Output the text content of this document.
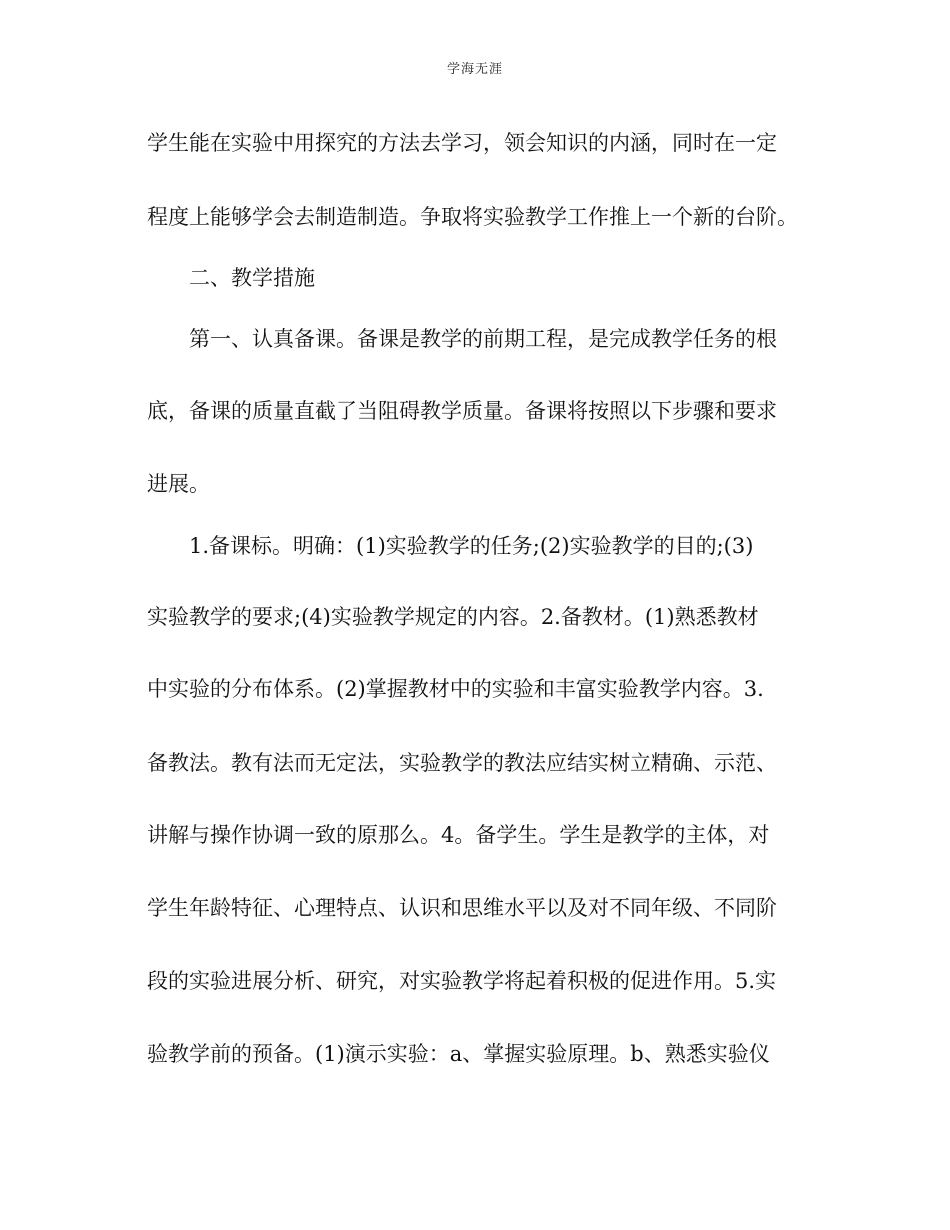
学海无涯
学生能在实验中用探究的方法去学习，领会知识的内涵，同时在一定
程度上能够学会去制造制造。争取将实验教学工作推上一个新的台阶。
二、教学措施
第一、认真备课。备课是教学的前期工程，是完成教学任务的根
底，备课的质量直截了当阻碍教学质量。备课将按照以下步骤和要求
进展。
1.备课标。明确：(1)实验教学的任务;(2)实验教学的目的;(3)
实验教学的要求;(4)实验教学规定的内容。2.备教材。(1)熟悉教材
中实验的分布体系。(2)掌握教材中的实验和丰富实验教学内容。3.
备教法。教有法而无定法，实验教学的教法应结实树立精确、示范、
讲解与操作协调一致的原那么。4。备学生。学生是教学的主体，对
学生年龄特征、心理特点、认识和思维水平以及对不同年级、不同阶
段的实验进展分析、研究，对实验教学将起着积极的促进作用。5.实
验教学前的预备。(1)演示实验：a、掌握实验原理。b、熟悉实验仪
